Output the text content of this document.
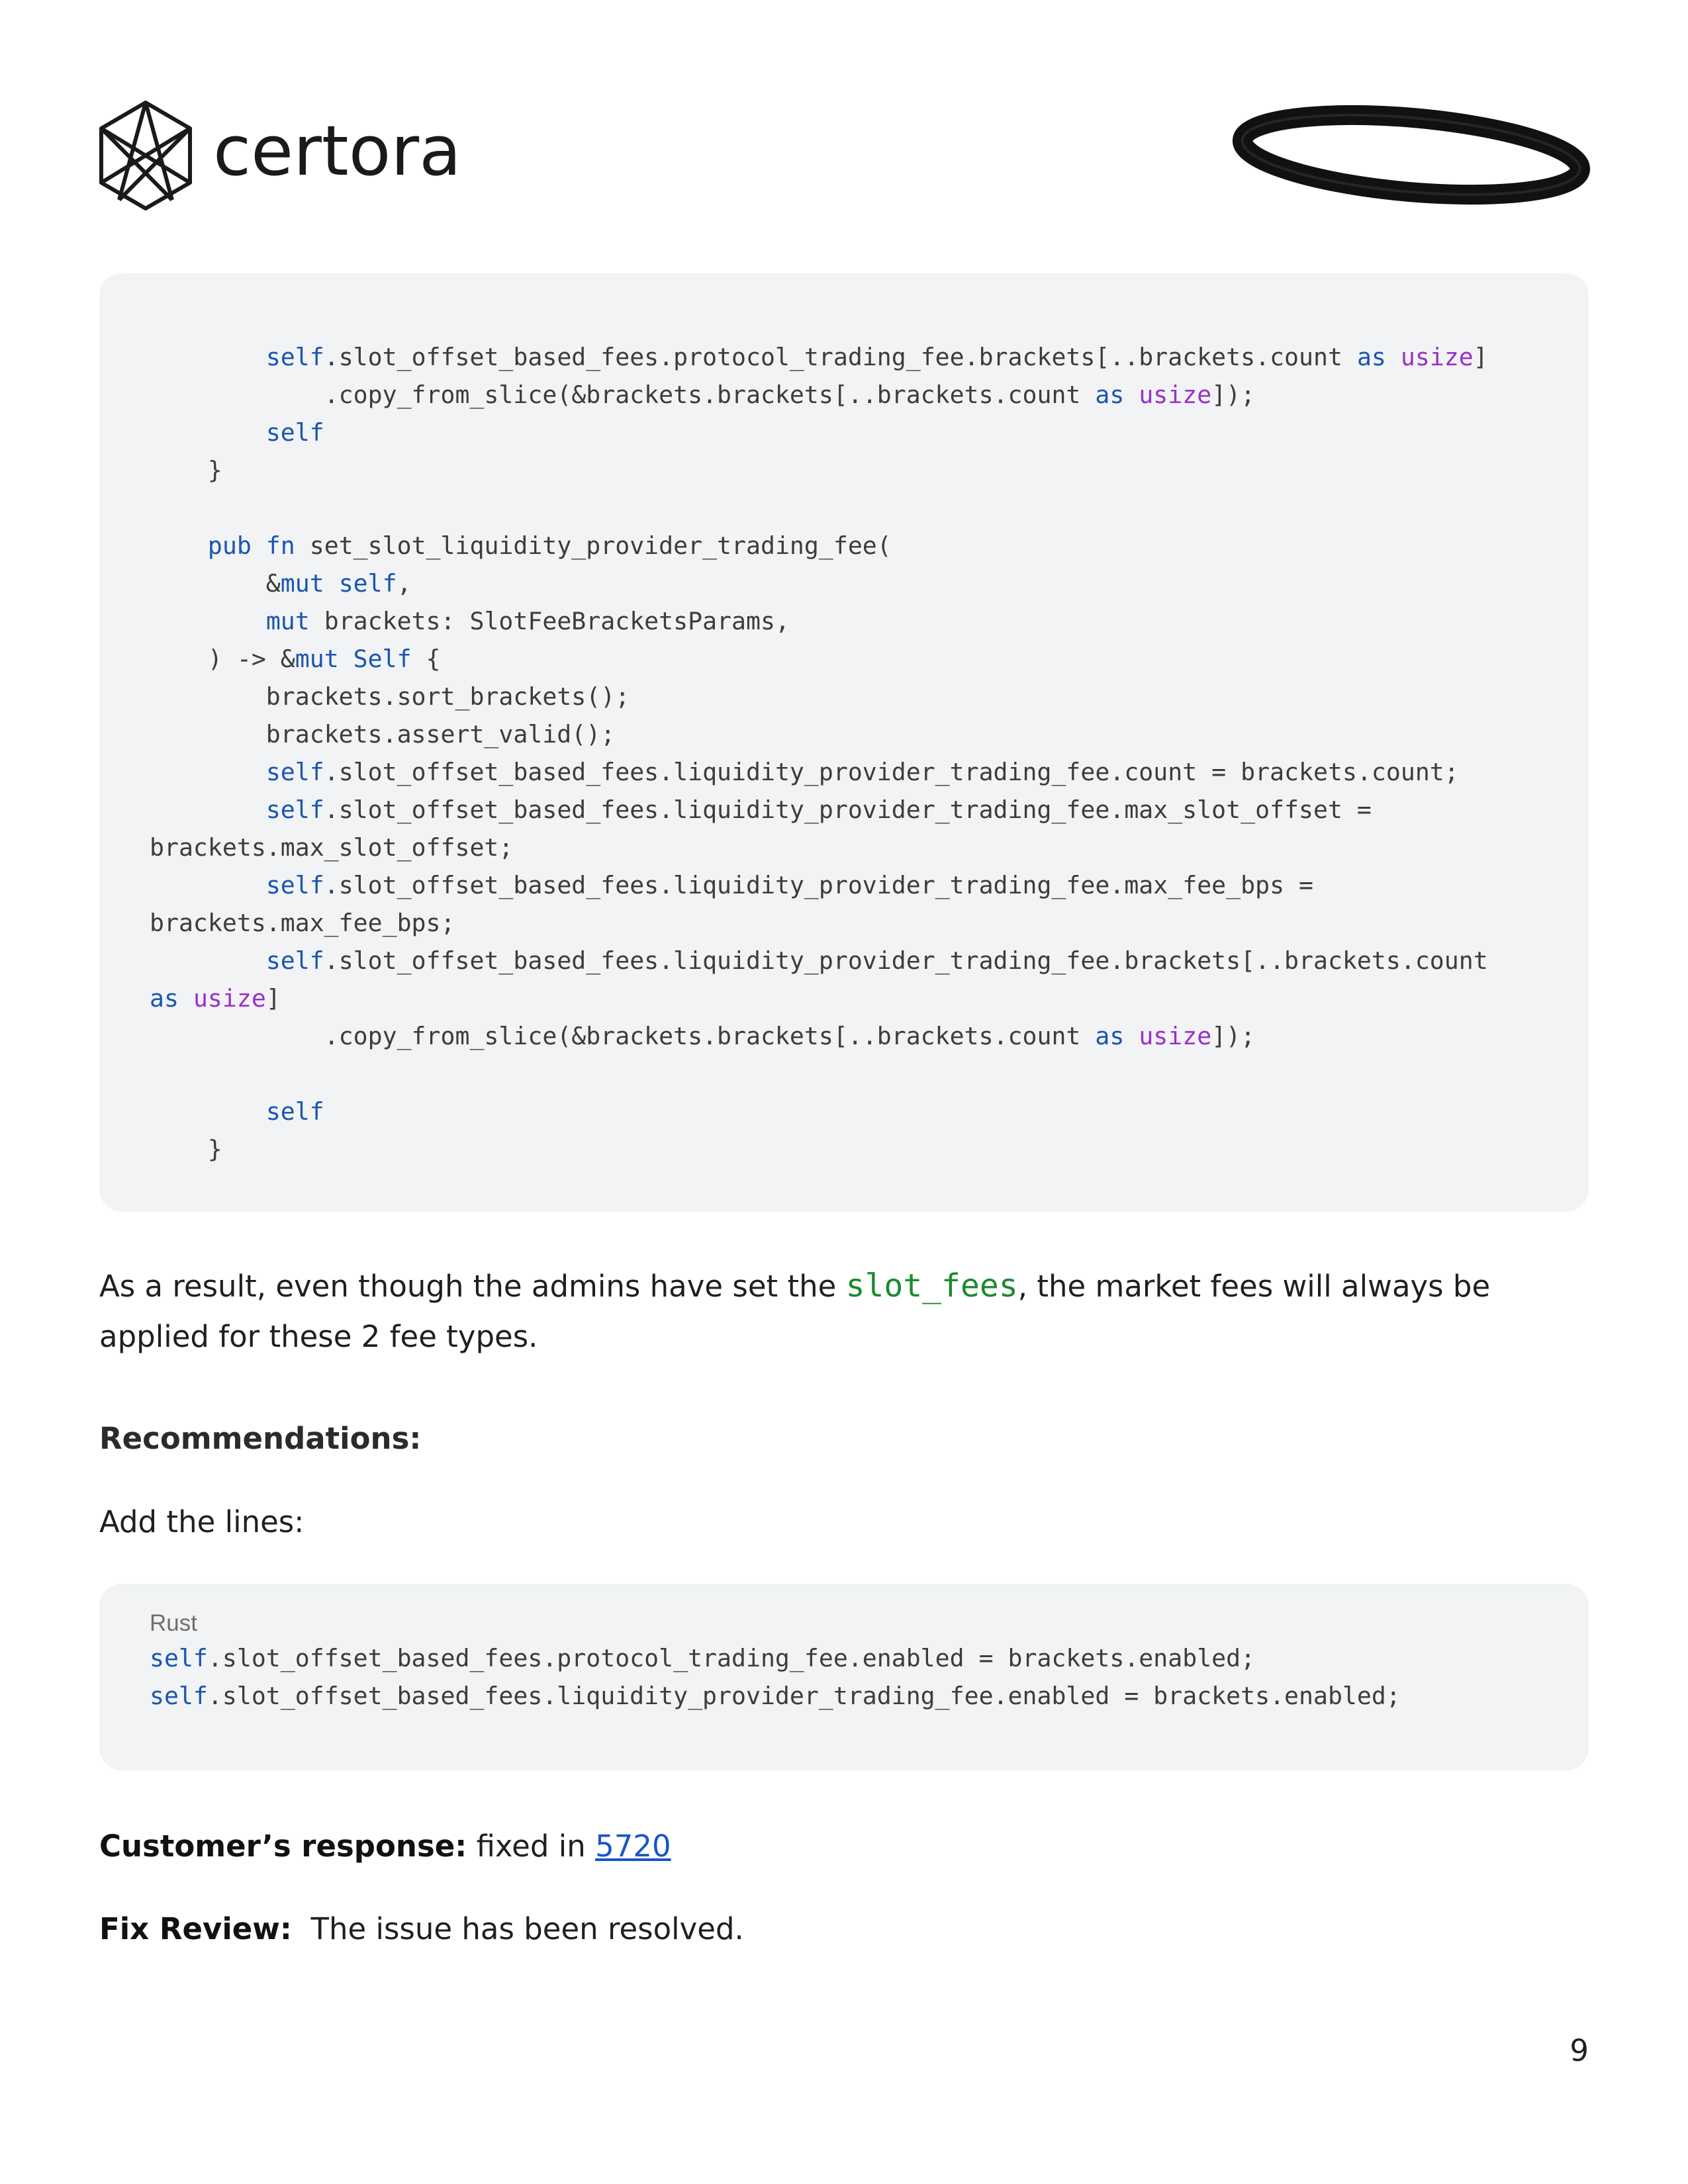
certora
self.slot_offset_based_fees.protocol_trading_fee.brackets[..brackets.count as usize]
.copy_from_slice(&brackets.brackets[..brackets.count as usize]);
self
}
pub fn set_slot_liquidity_provider_trading_fee(
&mut self,
mut brackets: SlotFeeBracketsParams,
) -> &mut Self {
brackets.sort_brackets();
brackets.assert_valid();
self.slot_offset_based_fees.liquidity_provider_trading_fee.count = brackets.count;
self.slot_offset_based_fees.liquidity_provider_trading_fee.max_slot_offset =
brackets.max_slot_offset;
self.slot_offset_based_fees.liquidity_provider_trading_fee.max_fee_bps =
brackets.max_fee_bps;
self.slot_offset_based_fees.liquidity_provider_trading_fee.brackets[..brackets.count
as usize]
.copy_from_slice(&brackets.brackets[..brackets.count as usize]);
self
}
As a result, even though the admins have set the slot_fees, the market fees will always be applied for these 2 fee types.
Recommendations:
Add the lines:
Rust
self.slot_offset_based_fees.protocol_trading_fee.enabled = brackets.enabled;
self.slot_offset_based_fees.liquidity_provider_trading_fee.enabled = brackets.enabled;
Customer’s response: fixed in 5720
Fix Review:  The issue has been resolved.
9
